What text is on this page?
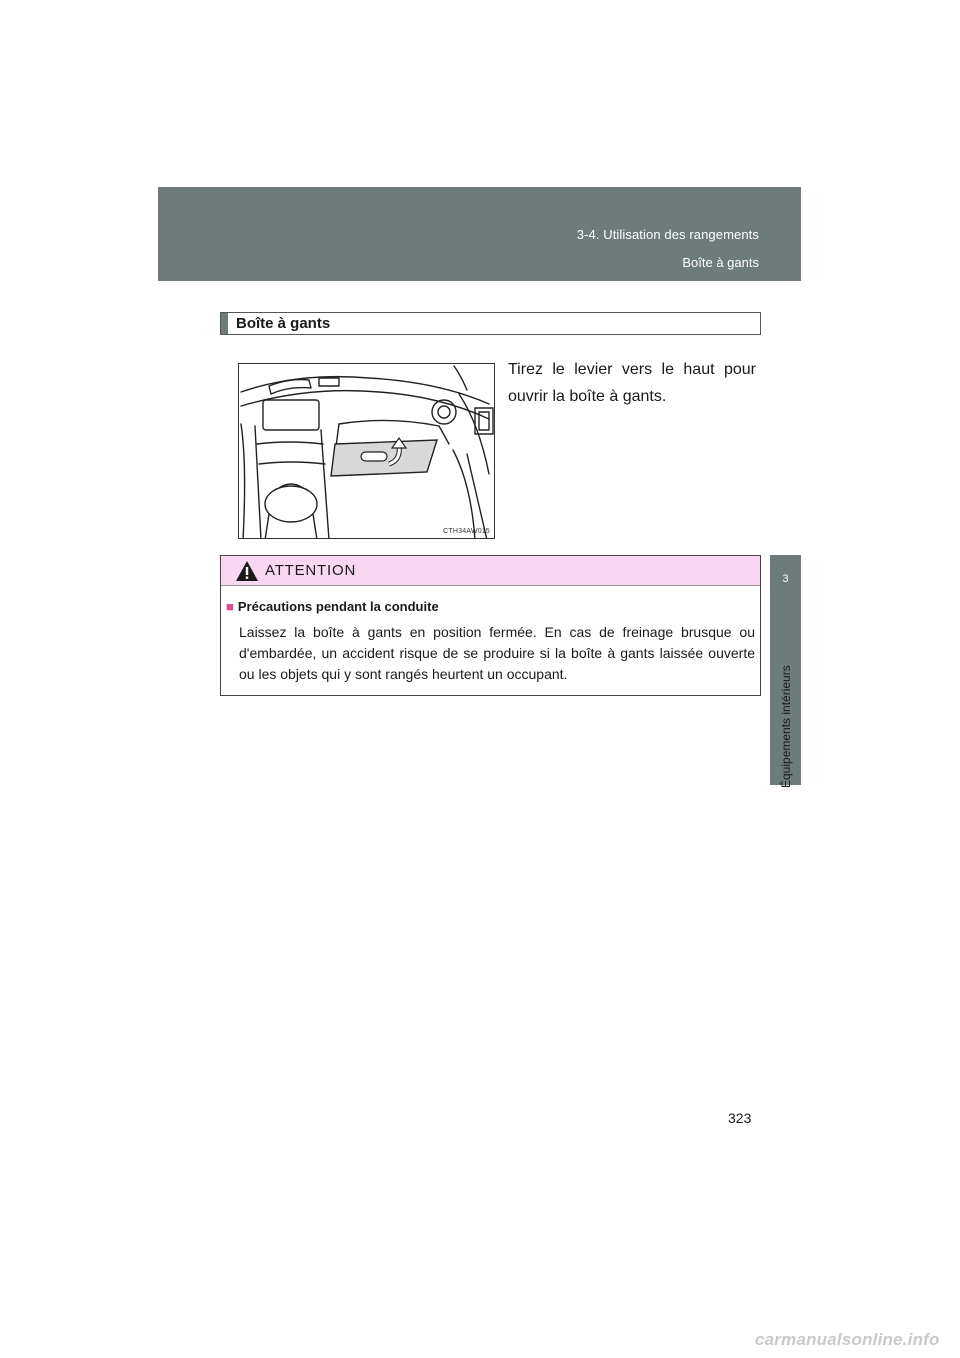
3-4. Utilisation des rangements
Boîte à gants
3
Équipements intérieurs
Boîte à gants
CTH34AW015
Tirez le levier vers le haut pour ouvrir la boîte à gants.
ATTENTION
■ Précautions pendant la conduite
Laissez la boîte à gants en position fermée. En cas de freinage brusque ou d'embardée, un accident risque de se produire si la boîte à gants laissée ouverte ou les objets qui y sont rangés heurtent un occupant.
323
carmanualsonline.info
